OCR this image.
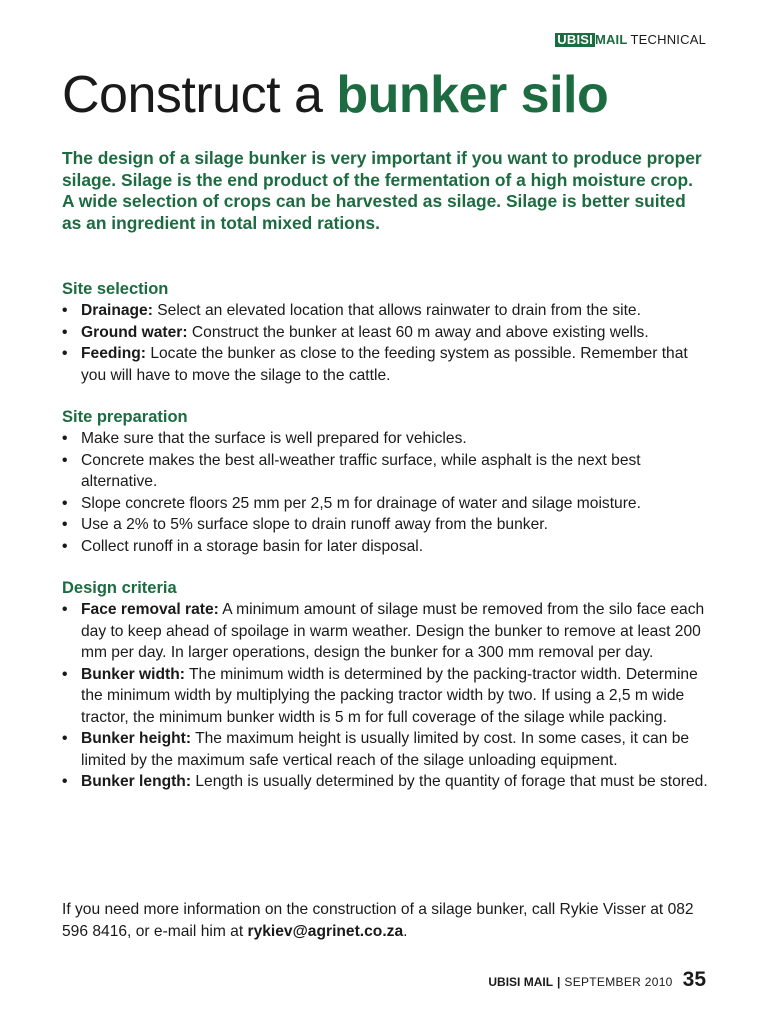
UBISI MAIL TECHNICAL
Construct a bunker silo

The design of a silage bunker is very important if you want to produce proper silage. Silage is the end product of the fermentation of a high moisture crop. A wide selection of crops can be harvested as silage. Silage is better suited as an ingredient in total mixed rations.

Site selection
• Drainage: Select an elevated location that allows rainwater to drain from the site.
• Ground water: Construct the bunker at least 60 m away and above existing wells.
• Feeding: Locate the bunker as close to the feeding system as possible. Remember that you will have to move the silage to the cattle.
Site preparation
• Make sure that the surface is well prepared for vehicles.
• Concrete makes the best all-weather traffic surface, while asphalt is the next best alternative.
• Slope concrete floors 25 mm per 2,5 m for drainage of water and silage moisture.
• Use a 2% to 5% surface slope to drain runoff away from the bunker.
• Collect runoff in a storage basin for later disposal.
Design criteria
• Face removal rate: A minimum amount of silage must be removed from the silo face each day to keep ahead of spoilage in warm weather. Design the bunker to remove at least 200 mm per day. In larger operations, design the bunker for a 300 mm removal per day.
• Bunker width: The minimum width is determined by the packing-tractor width. Determine the minimum width by multiplying the packing tractor width by two. If using a 2,5 m wide tractor, the minimum bunker width is 5 m for full coverage of the silage while packing.
• Bunker height: The maximum height is usually limited by cost. In some cases, it can be limited by the maximum safe vertical reach of the silage unloading equipment.
• Bunker length: Length is usually determined by the quantity of forage that must be stored.

If you need more information on the construction of a silage bunker, call Rykie Visser at 082 596 8416, or e-mail him at rykiev@agrinet.co.za.

UBISI MAIL | SEPTEMBER 2010 35
